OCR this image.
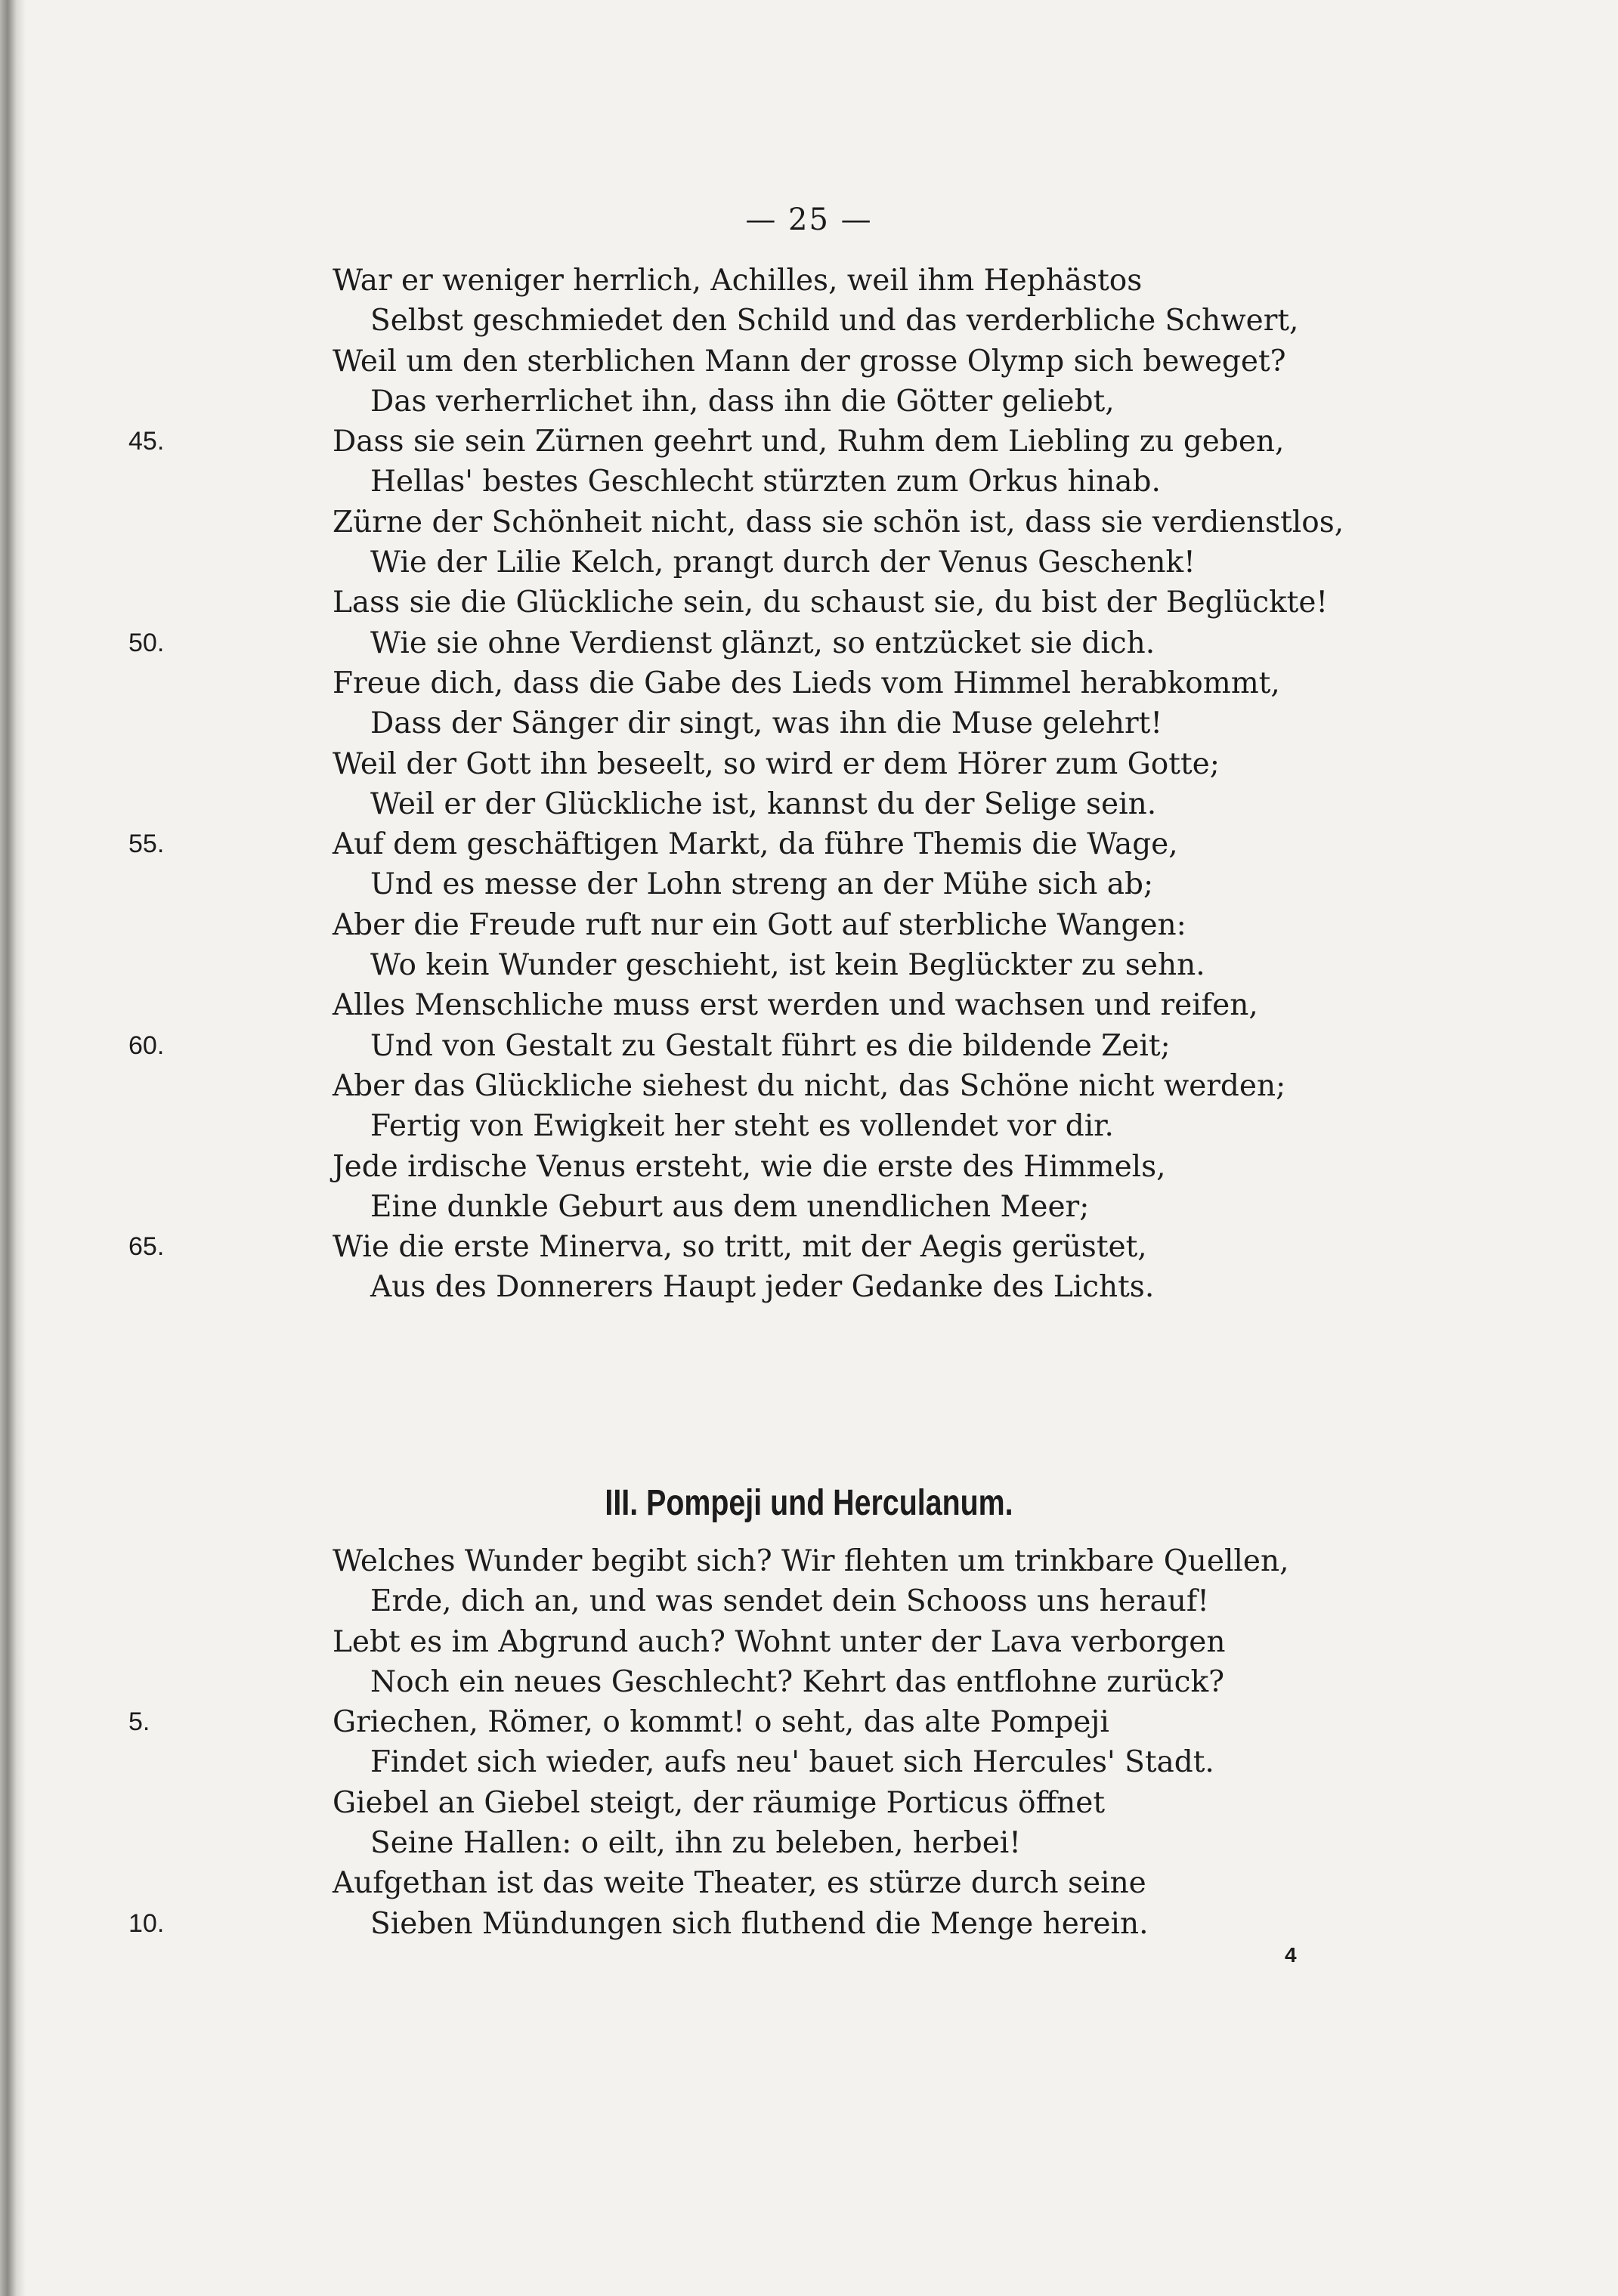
— 25 —
War er weniger herrlich, Achilles, weil ihm Hephästos
Selbst geschmiedet den Schild und das verderbliche Schwert,
Weil um den sterblichen Mann der grosse Olymp sich beweget?
Das verherrlichet ihn, dass ihn die Götter geliebt,
45.	Dass sie sein Zürnen geehrt und, Ruhm dem Liebling zu geben,
Hellas' bestes Geschlecht stürzten zum Orkus hinab.
Zürne der Schönheit nicht, dass sie schön ist, dass sie verdienstlos,
Wie der Lilie Kelch, prangt durch der Venus Geschenk!
Lass sie die Glückliche sein, du schaust sie, du bist der Beglückte!
50.	Wie sie ohne Verdienst glänzt, so entzücket sie dich.
Freue dich, dass die Gabe des Lieds vom Himmel herabkommt,
Dass der Sänger dir singt, was ihn die Muse gelehrt!
Weil der Gott ihn beseelt, so wird er dem Hörer zum Gotte;
Weil er der Glückliche ist, kannst du der Selige sein.
55.	Auf dem geschäftigen Markt, da führe Themis die Wage,
Und es messe der Lohn streng an der Mühe sich ab;
Aber die Freude ruft nur ein Gott auf sterbliche Wangen:
Wo kein Wunder geschieht, ist kein Beglückter zu sehn.
Alles Menschliche muss erst werden und wachsen und reifen,
60.	Und von Gestalt zu Gestalt führt es die bildende Zeit;
Aber das Glückliche siehest du nicht, das Schöne nicht werden;
Fertig von Ewigkeit her steht es vollendet vor dir.
Jede irdische Venus ersteht, wie die erste des Himmels,
Eine dunkle Geburt aus dem unendlichen Meer;
65.	Wie die erste Minerva, so tritt, mit der Aegis gerüstet,
Aus des Donnerers Haupt jeder Gedanke des Lichts.
III. Pompeji und Herculanum.
Welches Wunder begibt sich? Wir flehten um trinkbare Quellen,
Erde, dich an, und was sendet dein Schooss uns herauf!
Lebt es im Abgrund auch? Wohnt unter der Lava verborgen
Noch ein neues Geschlecht? Kehrt das entflohne zurück?
5.	Griechen, Römer, o kommt! o seht, das alte Pompeji
Findet sich wieder, aufs neu' bauet sich Hercules' Stadt.
Giebel an Giebel steigt, der räumige Porticus öffnet
Seine Hallen: o eilt, ihn zu beleben, herbei!
Aufgethan ist das weite Theater, es stürze durch seine
10.	Sieben Mündungen sich fluthend die Menge herein.
4
